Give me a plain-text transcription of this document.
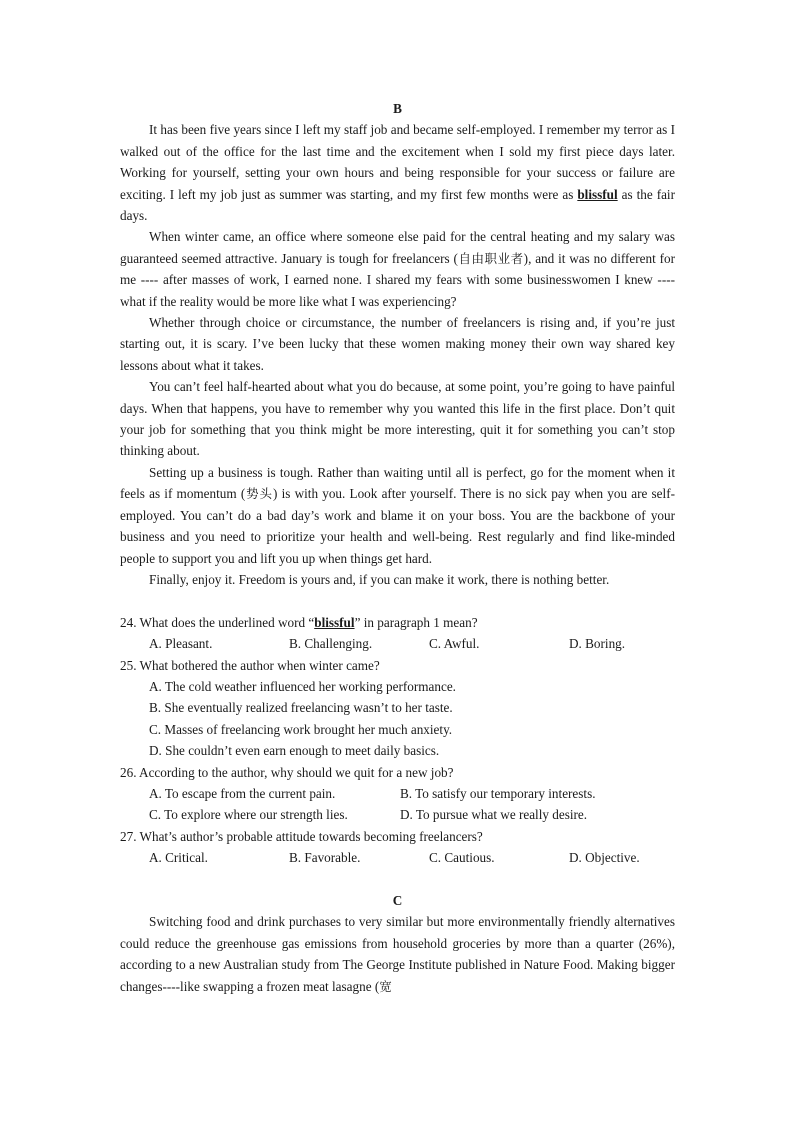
B

It has been five years since I left my staff job and became self-employed. I remember my terror as I walked out of the office for the last time and the excitement when I sold my first piece days later. Working for yourself, setting your own hours and being responsible for your success or failure are exciting. I left my job just as summer was starting, and my first few months were as blissful as the fair days.

When winter came, an office where someone else paid for the central heating and my salary was guaranteed seemed attractive. January is tough for freelancers (自由职业者), and it was no different for me ---- after masses of work, I earned none. I shared my fears with some businesswomen I knew ---- what if the reality would be more like what I was experiencing?

Whether through choice or circumstance, the number of freelancers is rising and, if you’re just starting out, it is scary. I’ve been lucky that these women making money their own way shared key lessons about what it takes.

You can’t feel half-hearted about what you do because, at some point, you’re going to have painful days. When that happens, you have to remember why you wanted this life in the first place. Don’t quit your job for something that you think might be more interesting, quit it for something you can’t stop thinking about.

Setting up a business is tough. Rather than waiting until all is perfect, go for the moment when it feels as if momentum (势头) is with you. Look after yourself. There is no sick pay when you are self-employed. You can’t do a bad day’s work and blame it on your boss. You are the backbone of your business and you need to prioritize your health and well-being. Rest regularly and find like-minded people to support you and lift you up when things get hard.

Finally, enjoy it. Freedom is yours and, if you can make it work, there is nothing better.

24. What does the underlined word “blissful” in paragraph 1 mean?

A. Pleasant.	B. Challenging.	C. Awful.	D. Boring.

25. What bothered the author when winter came?

A. The cold weather influenced her working performance.

B. She eventually realized freelancing wasn’t to her taste.

C. Masses of freelancing work brought her much anxiety.

D. She couldn’t even earn enough to meet daily basics.

26. According to the author, why should we quit for a new job?

A. To escape from the current pain.	B. To satisfy our temporary interests.
C. To explore where our strength lies.	D. To pursue what we really desire.

27. What’s author’s probable attitude towards becoming freelancers?

A. Critical.	B. Favorable.	C. Cautious.	D. Objective.

C

Switching food and drink purchases to very similar but more environmentally friendly alternatives could reduce the greenhouse gas emissions from household groceries by more than a quarter (26%), according to a new Australian study from The George Institute published in Nature Food. Making bigger changes----like swapping a frozen meat lasagne (宽
